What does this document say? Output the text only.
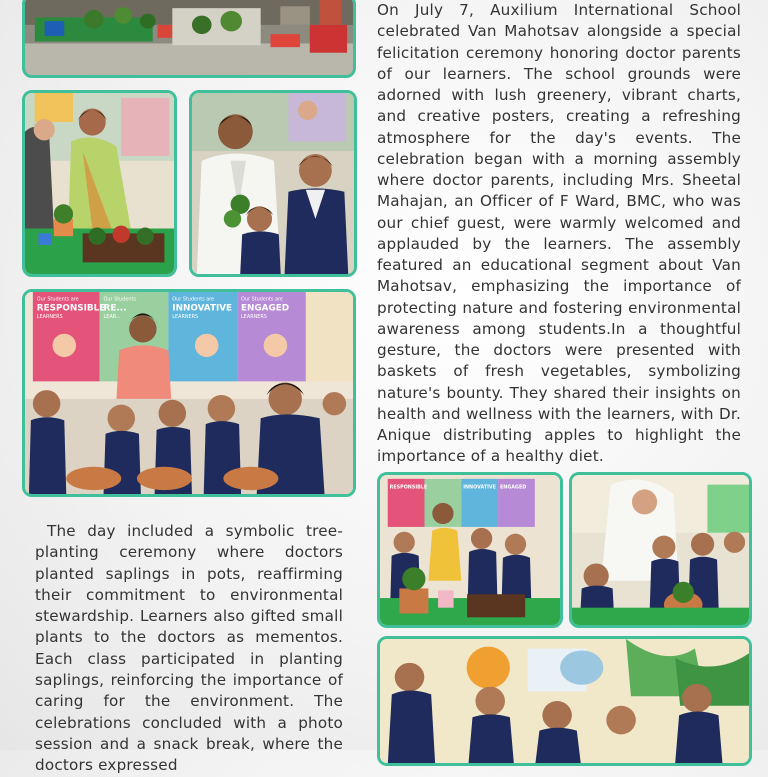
Our Students are
RESPONSIBLE
LEARNERS
Our Students
RE...
LEAR...
Our Students are
INNOVATIVE
LEARNERS
Our Students are
ENGAGED
LEARNERS
RESPONSIBLE	INNOVATIVE ENGAGED

On July 7, Auxilium International School celebrated Van Mahotsav alongside a special felicitation ceremony honoring doctor parents of our learners. The school grounds were adorned with lush greenery, vibrant charts, and creative posters, creating a refreshing atmosphere for the day's events. The celebration began with a morning assembly where doctor parents, including Mrs. Sheetal Mahajan, an Officer of F Ward, BMC, who was our chief guest, were warmly welcomed and applauded by the learners. The assembly featured an educational segment about Van Mahotsav, emphasizing the importance of protecting nature and fostering environmental awareness among students.In a thoughtful gesture, the doctors were presented with baskets of fresh vegetables, symbolizing nature's bounty. They shared their insights on health and wellness with the learners, with Dr. Anique distributing apples to highlight the importance of a healthy diet.

The day included a symbolic tree-planting ceremony where doctors planted saplings in pots, reaffirming their commitment to environmental stewardship. Learners also gifted small plants to the doctors as mementos. Each class participated in planting saplings, reinforcing the importance of caring for the environment. The celebrations concluded with a photo session and a snack break, where the doctors expressed
